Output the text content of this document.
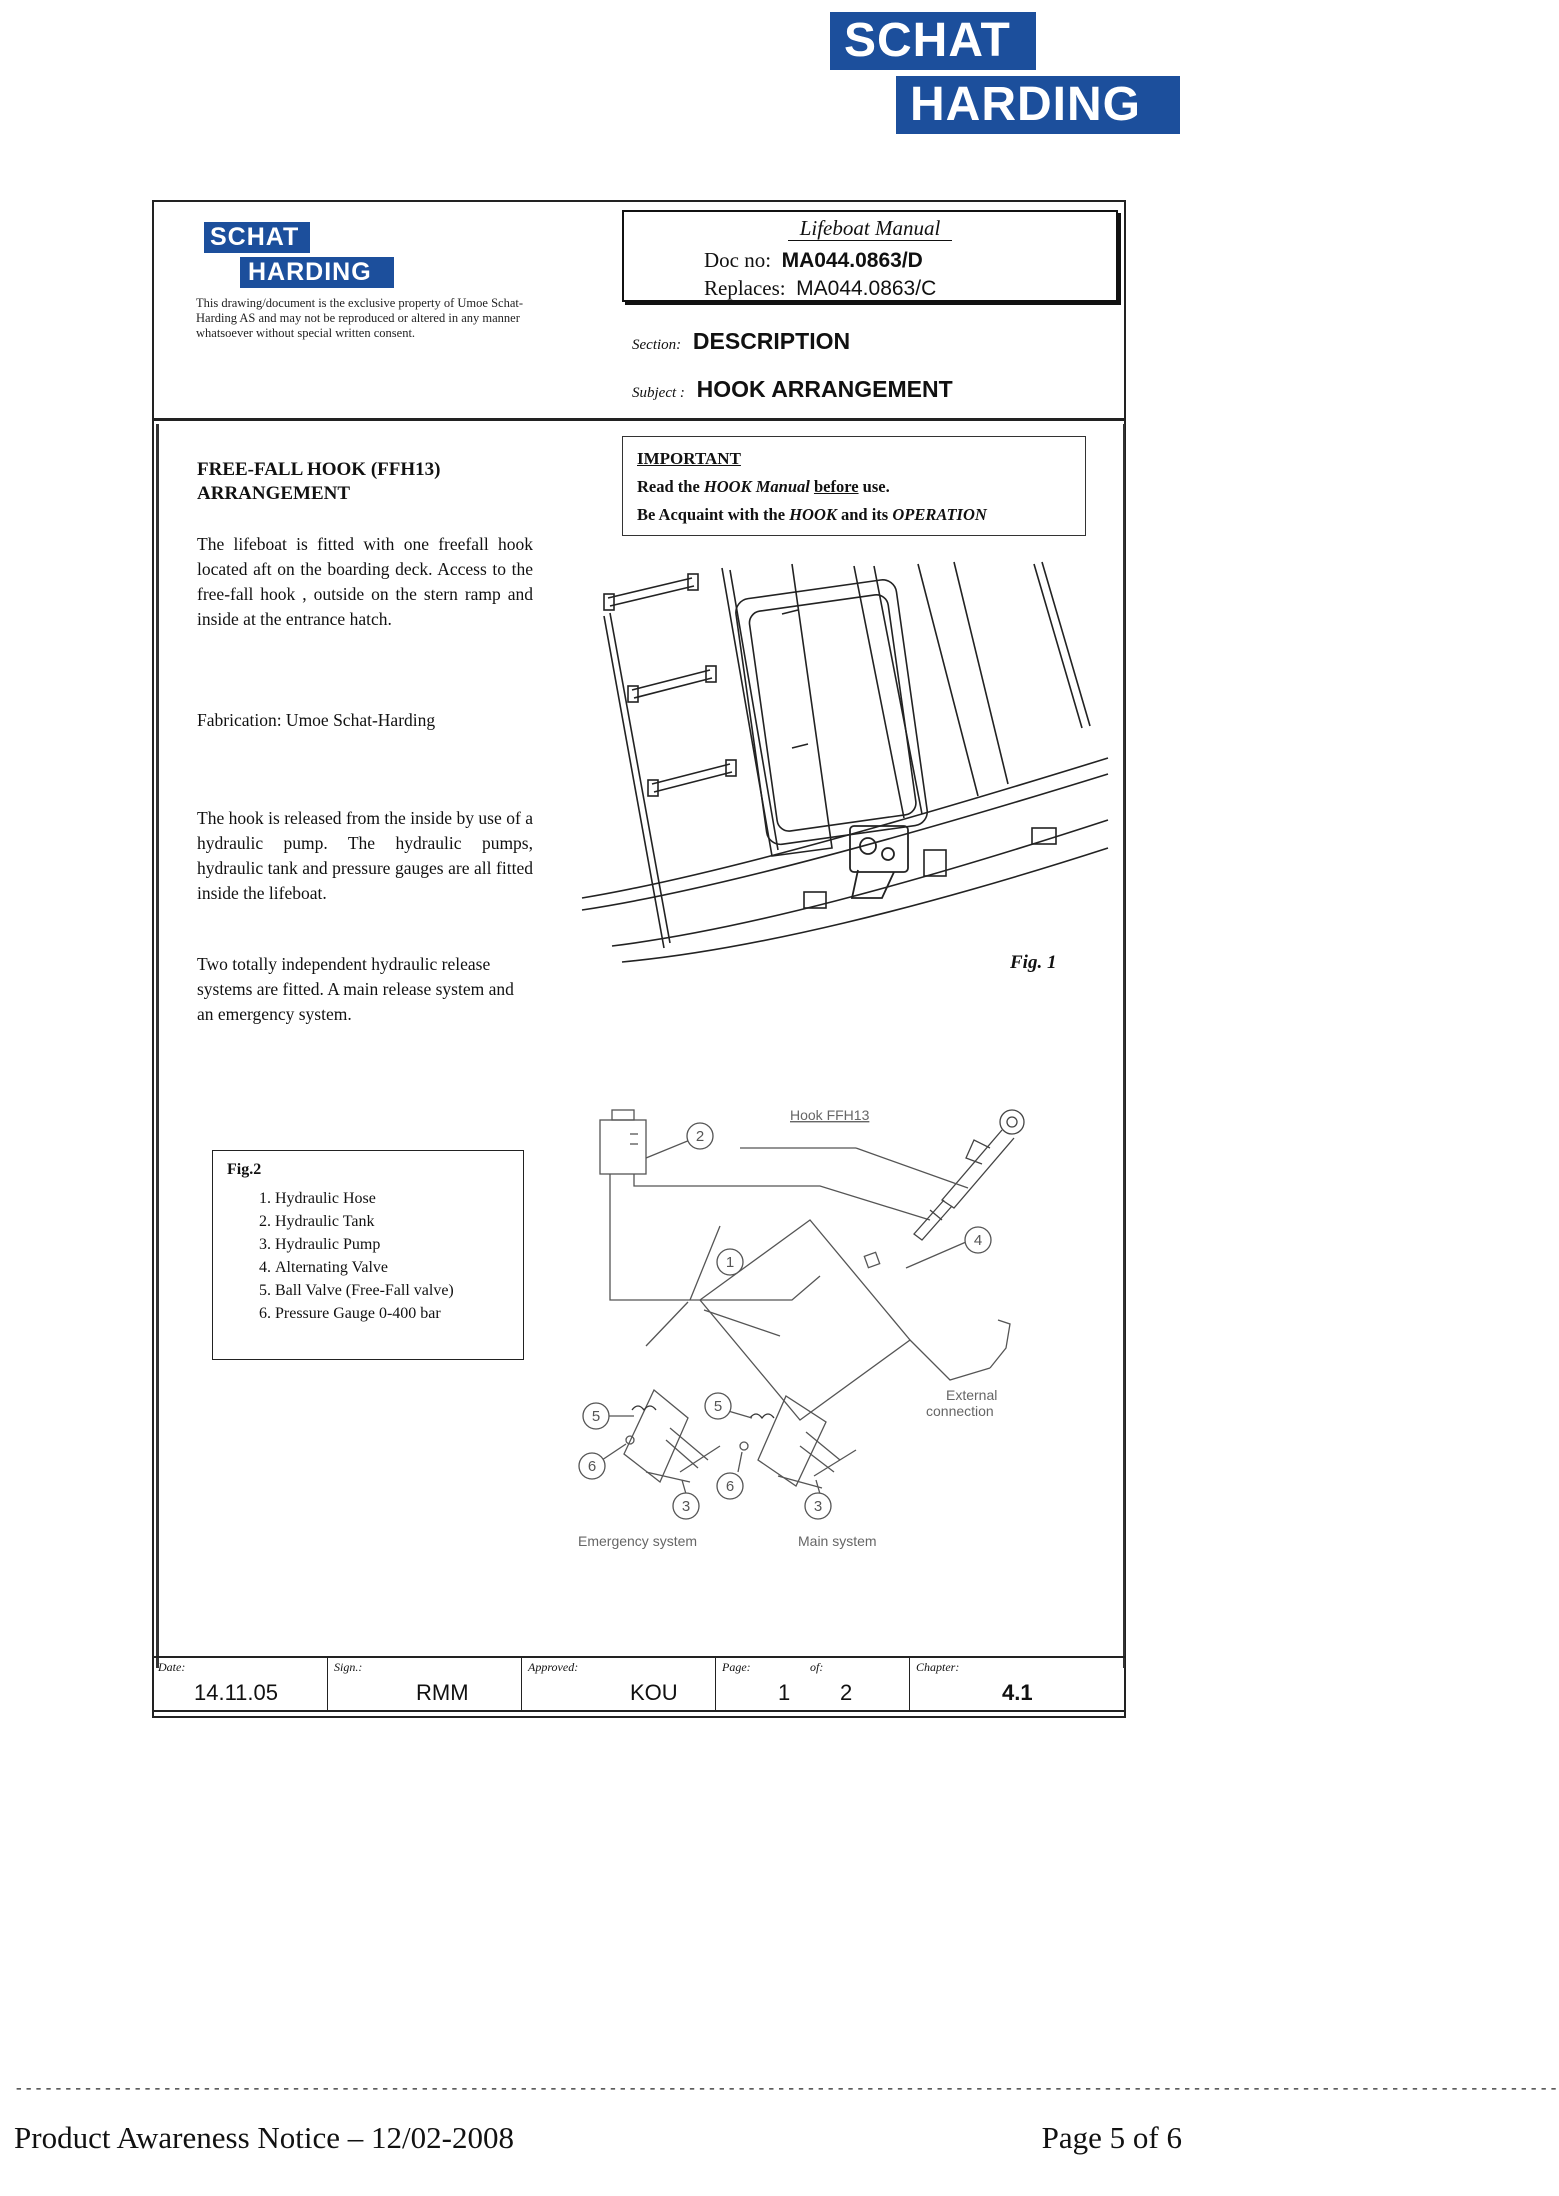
SCHAT
HARDING
SCHAT
HARDING
This drawing/document is the exclusive property of Umoe Schat-Harding AS and may not be reproduced or altered in any manner whatsoever without special written consent.
Lifeboat Manual
Doc no: MA044.0863/D
Replaces: MA044.0863/C
Section: DESCRIPTION
Subject : HOOK ARRANGEMENT
FREE-FALL HOOK (FFH13)
ARRANGEMENT
The lifeboat is fitted with one freefall hook located aft on the boarding deck. Access to the free-fall hook , outside on the stern ramp and inside at the entrance hatch.
Fabrication: Umoe Schat-Harding
The hook is released from the inside by use of a hydraulic pump. The hydraulic pumps, hydraulic tank and pressure gauges are all fitted inside the lifeboat.
Two totally independent hydraulic release systems are fitted. A main release system and an emergency system.
IMPORTANT
Read the HOOK Manual before use.
Be Acquaint with the HOOK and its OPERATION
Fig. 1
Fig.2
1. Hydraulic Hose
2. Hydraulic Tank
3. Hydraulic Pump
4. Alternating Valve
5. Ball Valve (Free-Fall valve)
6. Pressure Gauge 0-400 bar
2
1
4
5
5
6
6
3	3
Hook FFH13
External
connection
Emergency system	Main system
Date:
14.11.05
Sign.:
RMM
Approved:
KOU
Page:	of:
1 2
Chapter:
4.1
------------------------------------------------------------------------------------------------------------------------------------------------------------
Product Awareness Notice – 12/02-2008	Page 5 of 6
